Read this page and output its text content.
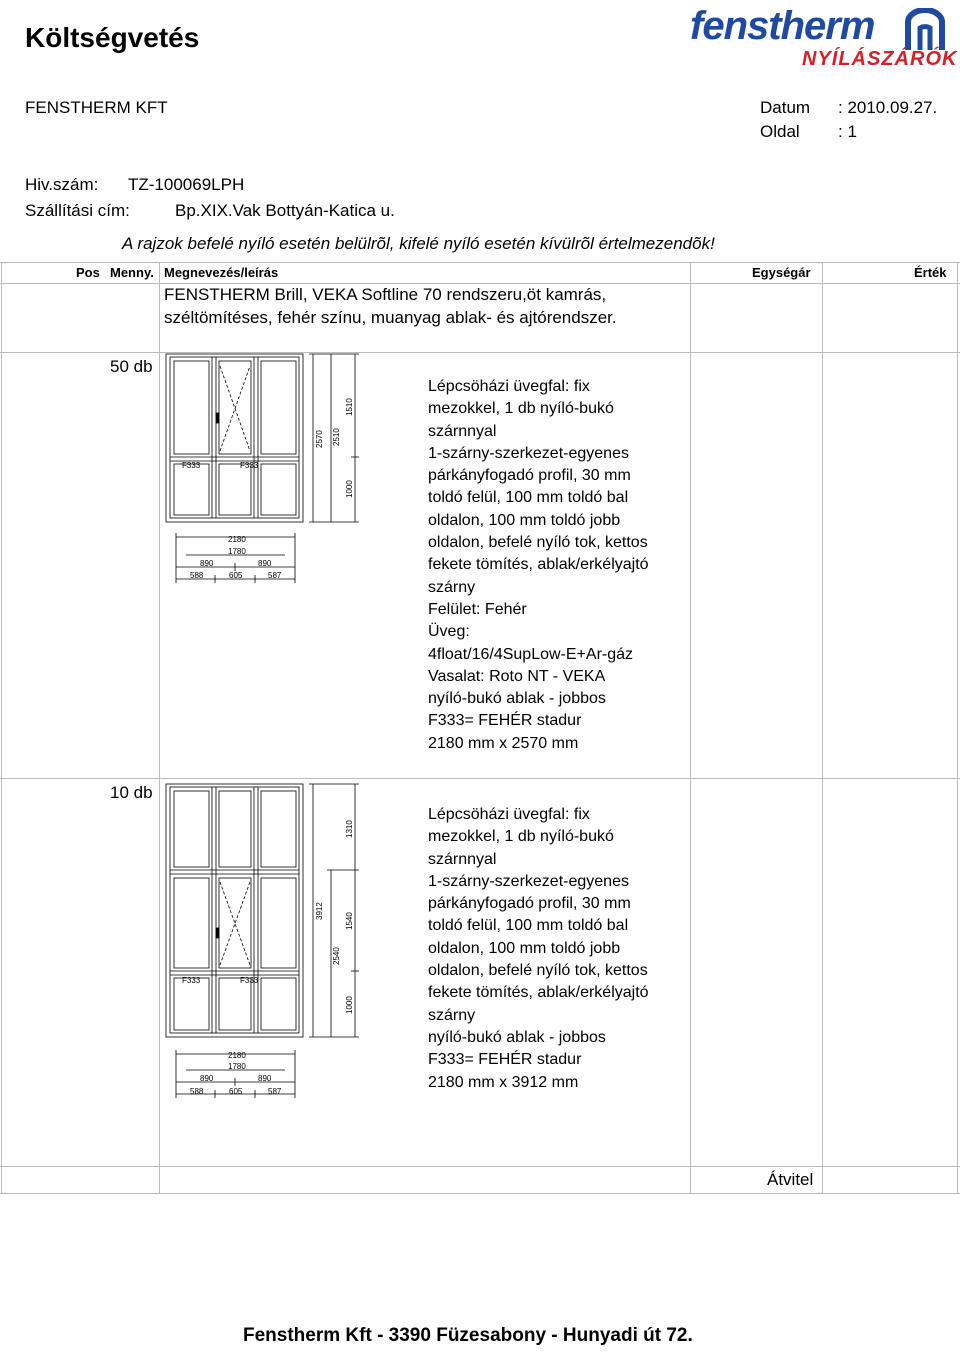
Költségvetés	fenstherm
NYÍLÁSZÁRÓK
FENSTHERM KFT	Datum : 2010.09.27.
Oldal : 1
Hiv.szám: TZ-100069LPH
Szállítási cím:	Bp.XIX.Vak Bottyán-Katica u.
A rajzok befelé nyíló esetén belülrõl, kifelé nyíló esetén kívülrõl értelmezendõk!
Pos Menny. Megnevezés/leírás	Egységár	Érték
FENSTHERM Brill, VEKA Softline 70 rendszeru,öt kamrás,
széltömítéses, fehér színu, muanyag ablak- és ajtórendszer.
50 db
Lépcsöházi üvegfal: fix
mezokkel, 1 db nyíló-bukó
szárnnyal
1-szárny-szerkezet-egyenes
párkányfogadó profil, 30 mm
toldó felül, 100 mm toldó bal
oldalon, 100 mm toldó jobb
oldalon, befelé nyíló tok, kettos
fekete tömítés, ablak/erkélyajtó
szárny
Felület: Fehér
Üveg:
4float/16/4SupLow-E+Ar-gáz
Vasalat: Roto NT - VEKA
nyíló-bukó ablak - jobbos
F333= FEHÉR stadur
2180 mm x 2570 mm
F333	F333
2180
1780
890	890
588	605	587
2570 2510
1510
1000
10 db
Lépcsöházi üvegfal: fix
mezokkel, 1 db nyíló-bukó
szárnnyal
1-szárny-szerkezet-egyenes
párkányfogadó profil, 30 mm
toldó felül, 100 mm toldó bal
oldalon, 100 mm toldó jobb
oldalon, befelé nyíló tok, kettos
fekete tömítés, ablak/erkélyajtó
szárny
nyíló-bukó ablak - jobbos
F333= FEHÉR stadur
2180 mm x 3912 mm
F333	F333
2180
1780
890	890
588	605	587
3912
2540
1310
1540
1000
Átvitel
Fenstherm Kft - 3390 Füzesabony - Hunyadi út 72.
